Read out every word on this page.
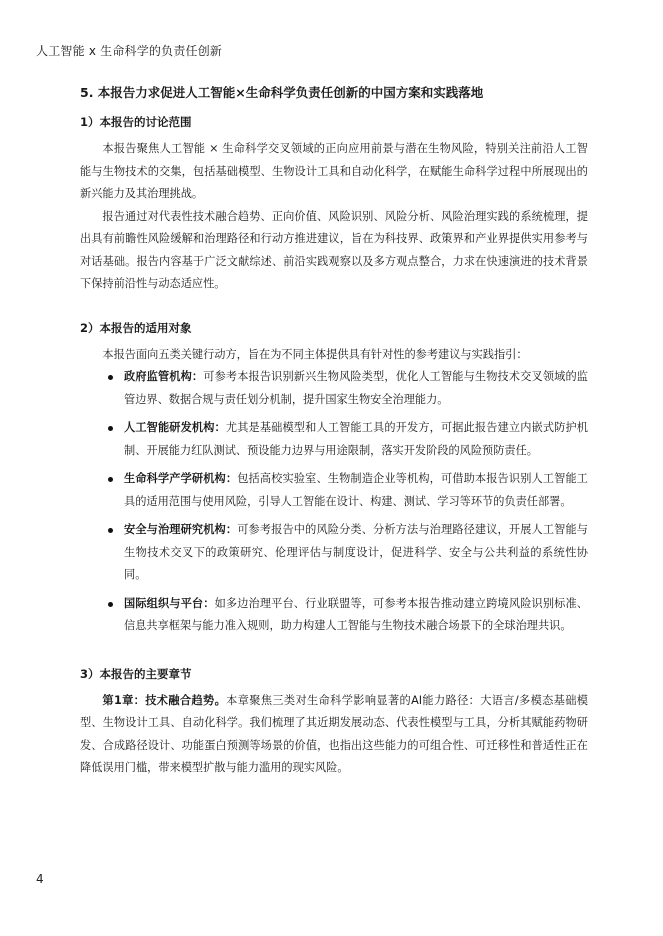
人工智能 x 生命科学的负责任创新
5. 本报告力求促进人工智能×生命科学负责任创新的中国方案和实践落地
1）本报告的讨论范围

本报告聚焦人工智能 × 生命科学交叉领域的正向应用前景与潜在生物风险，特别关注前沿人工智能与生物技术的交集，包括基础模型、生物设计工具和自动化科学，在赋能生命科学过程中所展现出的新兴能力及其治理挑战。

报告通过对代表性技术融合趋势、正向价值、风险识别、风险分析、风险治理实践的系统梳理，提出具有前瞻性风险缓解和治理路径和行动方推进建议，旨在为科技界、政策界和产业界提供实用参考与对话基础。报告内容基于广泛文献综述、前沿实践观察以及多方观点整合，力求在快速演进的技术背景下保持前沿性与动态适应性。

2）本报告的适用对象

本报告面向五类关键行动方，旨在为不同主体提供具有针对性的参考建议与实践指引：

政府监管机构：可参考本报告识别新兴生物风险类型，优化人工智能与生物技术交叉领域的监管边界、数据合规与责任划分机制，提升国家生物安全治理能力。
人工智能研发机构：尤其是基础模型和人工智能工具的开发方，可据此报告建立内嵌式防护机制、开展能力红队测试、预设能力边界与用途限制，落实开发阶段的风险预防责任。
生命科学产学研机构：包括高校实验室、生物制造企业等机构，可借助本报告识别人工智能工具的适用范围与使用风险，引导人工智能在设计、构建、测试、学习等环节的负责任部署。
安全与治理研究机构：可参考报告中的风险分类、分析方法与治理路径建议，开展人工智能与生物技术交叉下的政策研究、伦理评估与制度设计，促进科学、安全与公共利益的系统性协同。
国际组织与平台：如多边治理平台、行业联盟等，可参考本报告推动建立跨境风险识别标准、信息共享框架与能力准入规则，助力构建人工智能与生物技术融合场景下的全球治理共识。
3）本报告的主要章节

第1章：技术融合趋势。本章聚焦三类对生命科学影响显著的AI能力路径：大语言/多模态基础模型、生物设计工具、自动化科学。我们梳理了其近期发展动态、代表性模型与工具，分析其赋能药物研发、合成路径设计、功能蛋白预测等场景的价值，也指出这些能力的可组合性、可迁移性和普适性正在降低误用门槛，带来模型扩散与能力滥用的现实风险。

4
